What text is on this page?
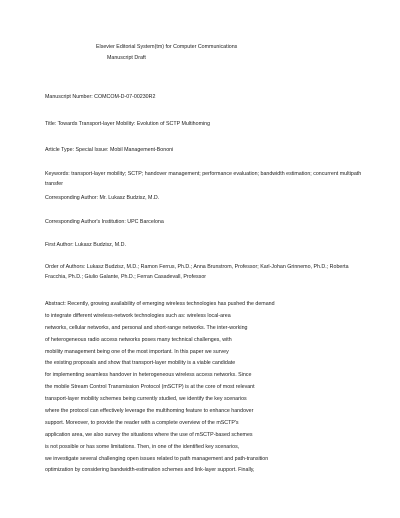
Elsevier Editorial System(tm) for Computer Communications
Manuscript Draft
Manuscript Number: COMCOM-D-07-00230R2
Title: Towards Transport-layer Mobility: Evolution of SCTP Multihoming
Article Type: Special Issue: Mobil Management-Bononi
Keywords: transport-layer mobility; SCTP; handover management; performance evaluation; bandwidth estimation; concurrent multipath transfer
Corresponding Author: Mr. Lukasz Budzisz, M.D.
Corresponding Author's Institution: UPC Barcelona
First Author: Lukasz Budzisz, M.D.
Order of Authors: Lukasz Budzisz, M.D.; Ramon Ferrus, Ph.D.; Anna Brunstrom, Professor; Karl-Johan Grinnemo, Ph.D.; Roberta Fracchia, Ph.D.; Giulio Galante, Ph.D.; Ferran Casadevall, Professor
Abstract: Recently, growing availability of emerging wireless technologies has pushed the demand
to integrate different wireless-network technologies such as: wireless local-area
networks, cellular networks, and personal and short-range networks. The inter-working
of heterogeneous radio access networks poses many technical challenges, with
mobility management being one of the most important. In this paper we survey
the existing proposals and show that transport-layer mobility is a viable candidate
for implementing seamless handover in heterogeneous wireless access networks. Since
the mobile Stream Control Transmission Protocol (mSCTP) is at the core of most relevant
transport-layer mobility schemes being currently studied, we identify the key scenarios
where the protocol can effectively leverage the multihoming feature to enhance handover
support. Moreover, to provide the reader with a complete overview of the mSCTP's
application area, we also survey the situations where the use of mSCTP-based schemes
is not possible or has some limitations. Then, in one of the identified key scenarios,
we investigate several challenging open issues related to path management and path-transition
optimization by considering bandwidth-estimation schemes and link-layer support. Finally,
